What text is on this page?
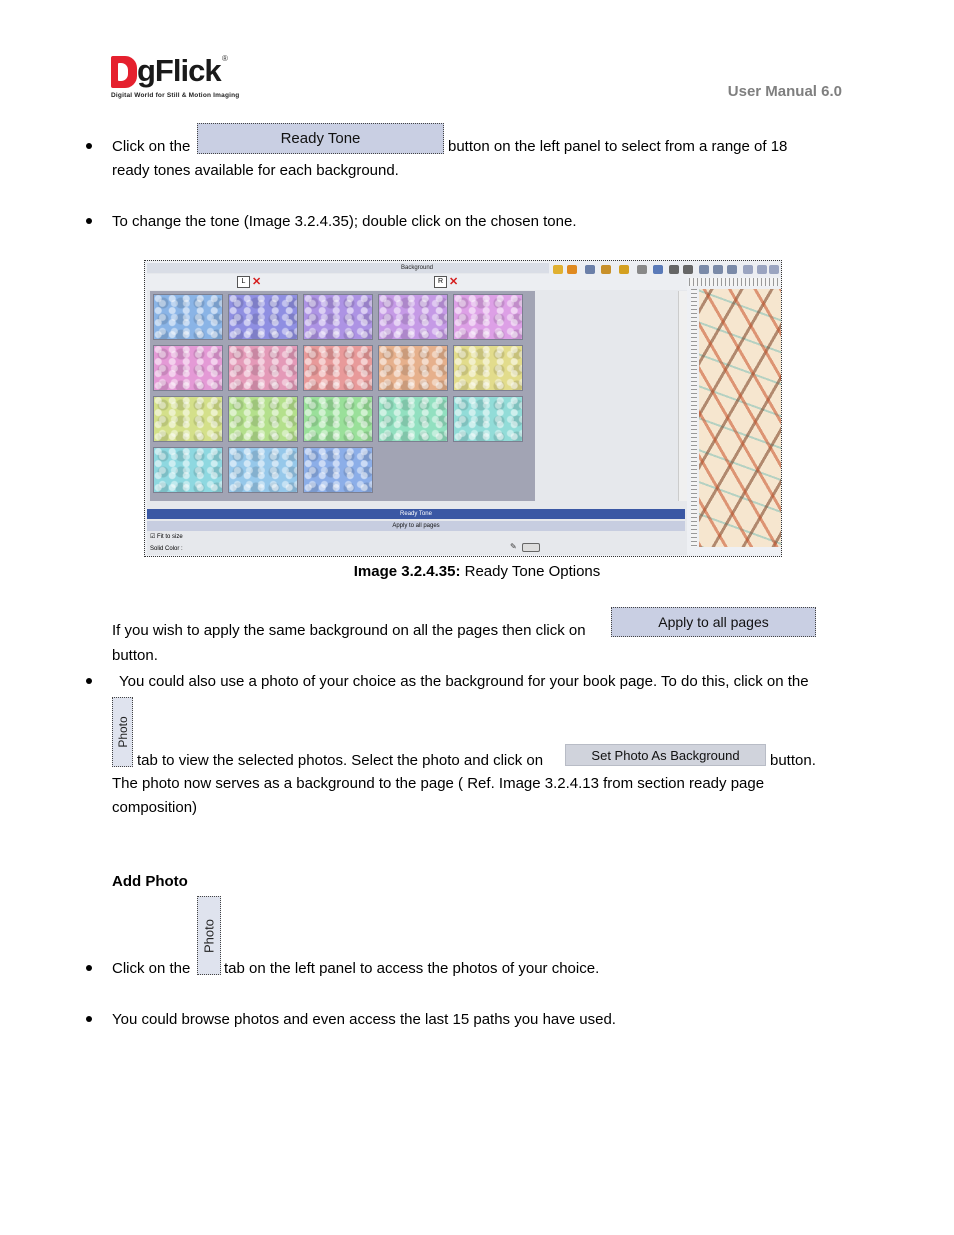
gFlick ®
Digital World for Still & Motion Imaging	User Manual 6.0
Click on the	Ready Tone	button on the left panel to select from a range of 18
ready tones available for each background.
To change the tone (Image 3.2.4.35); double click on the chosen tone.
Background
L ✕	R ✕
Ready Tone
Apply to all pages
☑ Fit to size
Solid Color :	✎
Image 3.2.4.35: Ready Tone Options
If you wish to apply the same background on all the pages then click on	Apply to all pages
button.
You could also use a photo of your choice as the background for your book page. To do this, click on the
Photo
tab to view the selected photos. Select the photo and click on	Set Photo As Background button.
The photo now serves as a background to the page ( Ref. Image 3.2.4.13 from section ready page
composition)
Add Photo
Click on the
Photo
tab on the left panel to access the photos of your choice.
You could browse photos and even access the last 15 paths you have used.
